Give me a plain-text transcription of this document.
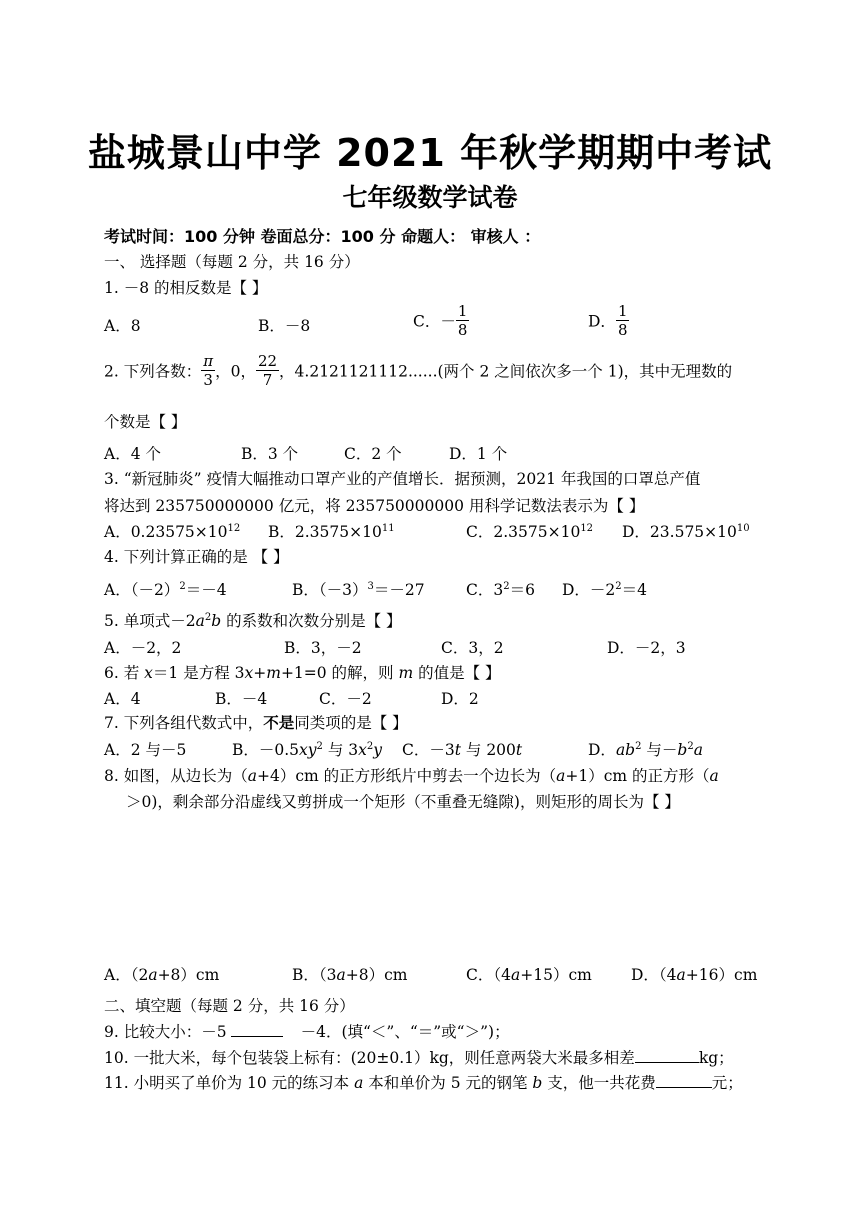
盐城景山中学 2021 年秋学期期中考试
七年级数学试卷
考试时间：100 分钟 卷面总分：100 分 命题人： 审核人 ：
一、 选择题（每题 2 分，共 16 分）
1. －8 的相反数是【 】
A．8	B．－8	C．－ $\frac{1}{8}$	D． $\frac{1}{8}$
2. 下列各数： $\frac{\pi}{3}$ ，0， $\frac{22}{7}$ ，4.2121121112......(两个 2 之间依次多一个 1)，其中无理数的
个数是【 】
A．4 个	B．3 个	C．2 个	D．1 个
3. “新冠肺炎” 疫情大幅推动口罩产业的产值增长．据预测，2021 年我国的口罩总产值
将达到 235750000000 亿元，将 235750000000 用科学记数法表示为【 】
A．$0.23575\times 10^{12}$ B．$2.3575\times 10^{11}$	C．$2.3575\times 10^{12}$ D．$23.575\times 10^{10}$
4. 下列计算正确的是 【 】
A．$(-2)^2=-4$	B．$(-3)^3=-27$	C．$3^2=6$ D．$-2^2=4$
5. 单项式$-2a^2b$ 的系数和次数分别是【 】
A．－2，2	B．3，－2	C．3，2	D．－2，3
6. 若 x＝1 是方程 3x+m+1=0 的解，则 m 的值是【 】
A．4	B．－4	C．－2	D．2
7. 下列各组代数式中，不是同类项的是【 】
A．2 与－5	B．$-0.5xy^2$ 与 $3x^2y$ C．－3t 与 200t	D．$ab^2$ 与$-b^2a$
8. 如图，从边长为（a+4）cm 的正方形纸片中剪去一个边长为（a+1）cm 的正方形（a
＞0)，剩余部分沿虚线又剪拼成一个矩形（不重叠无缝隙)，则矩形的周长为【 】
A．（2a+8）cm	B．（3a+8）cm	C．（4a+15）cm	D．（4a+16）cm
二、填空题（每题 2 分，共 16 分）
9. 比较大小：－5	－4．(填“＜”、“＝”或“＞”)；
10. 一批大米，每个包装袋上标有：(20±0.1）kg，则任意两袋大米最多相差	kg；
11. 小明买了单价为 10 元的练习本 a 本和单价为 5 元的钢笔 b 支，他一共花费	元；
